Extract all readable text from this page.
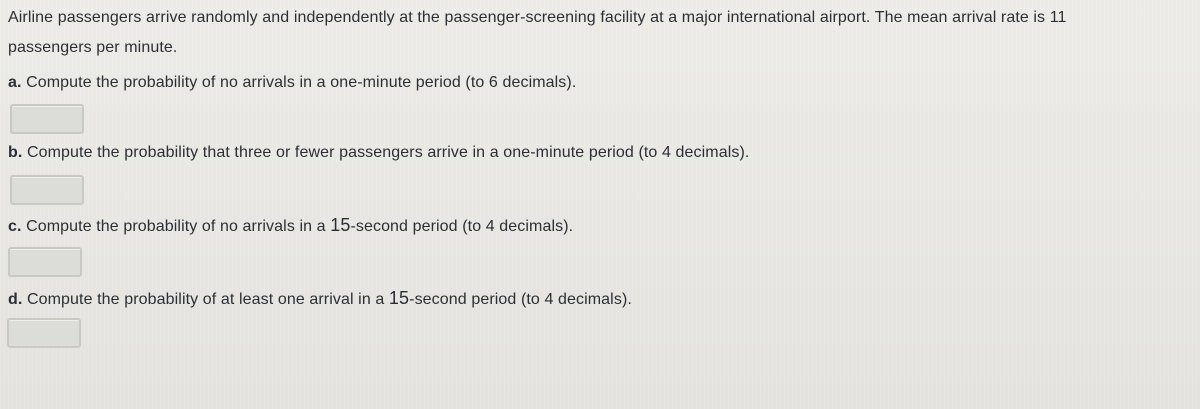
Airline passengers arrive randomly and independently at the passenger-screening facility at a major international airport. The mean arrival rate is 11
passengers per minute.
a. Compute the probability of no arrivals in a one-minute period (to 6 decimals).
b. Compute the probability that three or fewer passengers arrive in a one-minute period (to 4 decimals).
c. Compute the probability of no arrivals in a 15-second period (to 4 decimals).
d. Compute the probability of at least one arrival in a 15-second period (to 4 decimals).
